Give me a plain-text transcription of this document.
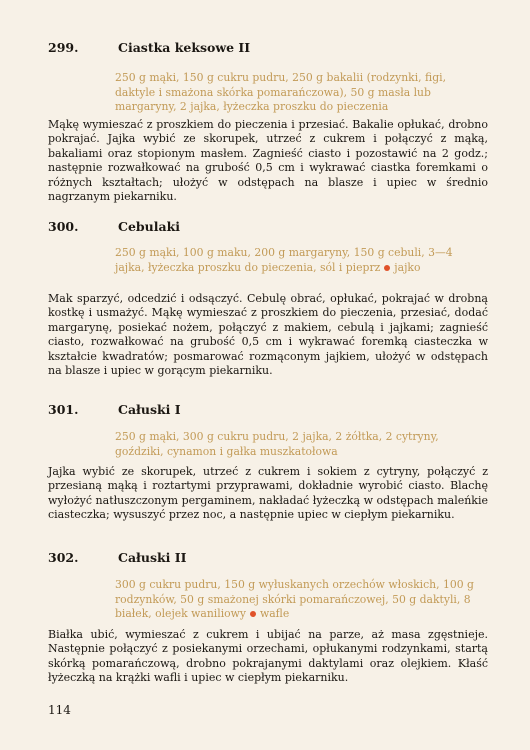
299.	Ciastka keksowe II
250 g mąki, 150 g cukru pudru, 250 g bakalii (rodzynki, figi, daktyle i smażona skórka pomarańczowa), 50 g masła lub margaryny, 2 jajka, łyżeczka proszku do pieczenia
Mąkę wymieszać z proszkiem do pieczenia i przesiać. Bakalie opłukać, drobno pokrajać. Jajka wybić ze skorupek, utrzeć z cukrem i połączyć z mąką, bakaliami oraz stopionym masłem. Zagnieść ciasto i pozostawić na 2 godz.; następnie rozwałkować na grubość 0,5 cm i wykrawać ciastka foremkami o różnych kształtach; ułożyć w odstępach na blasze i upiec w średnio nagrzanym piekarniku.
300.	Cebulaki
250 g mąki, 100 g maku, 200 g margaryny, 150 g cebuli, 3—4 jajka, łyżeczka proszku do pieczenia, sól i pieprz jajko
Mak sparzyć, odcedzić i odsączyć. Cebulę obrać, opłukać, pokrajać w drobną kostkę i usmażyć. Mąkę wymieszać z proszkiem do pieczenia, przesiać, dodać margarynę, posiekać nożem, połączyć z makiem, cebulą i jajkami; zagnieść ciasto, rozwałkować na grubość 0,5 cm i wykrawać foremką ciasteczka w kształcie kwadratów; posmarować rozmąconym jajkiem, ułożyć w odstępach na blasze i upiec w gorącym piekarniku.
301.	Całuski I
250 g mąki, 300 g cukru pudru, 2 jajka, 2 żółtka, 2 cytryny, goździki, cynamon i gałka muszkatołowa
Jajka wybić ze skorupek, utrzeć z cukrem i sokiem z cytryny, połączyć z przesianą mąką i roztartymi przyprawami, dokładnie wyrobić ciasto. Blachę wyłożyć natłuszczonym pergaminem, nakładać łyżeczką w odstępach maleńkie ciasteczka; wysuszyć przez noc, a następnie upiec w ciepłym piekarniku.
302.	Całuski II
300 g cukru pudru, 150 g wyłuskanych orzechów włoskich, 100 g rodzynków, 50 g smażonej skórki pomarańczowej, 50 g daktyli, 8 białek, olejek waniliowy wafle
Białka ubić, wymieszać z cukrem i ubijać na parze, aż masa zgęstnieje. Następnie połączyć z posiekanymi orzechami, opłukanymi rodzynkami, startą skórką pomarańczową, drobno pokrajanymi daktylami oraz olejkiem. Kłaść łyżeczką na krążki wafli i upiec w ciepłym piekarniku.
114
